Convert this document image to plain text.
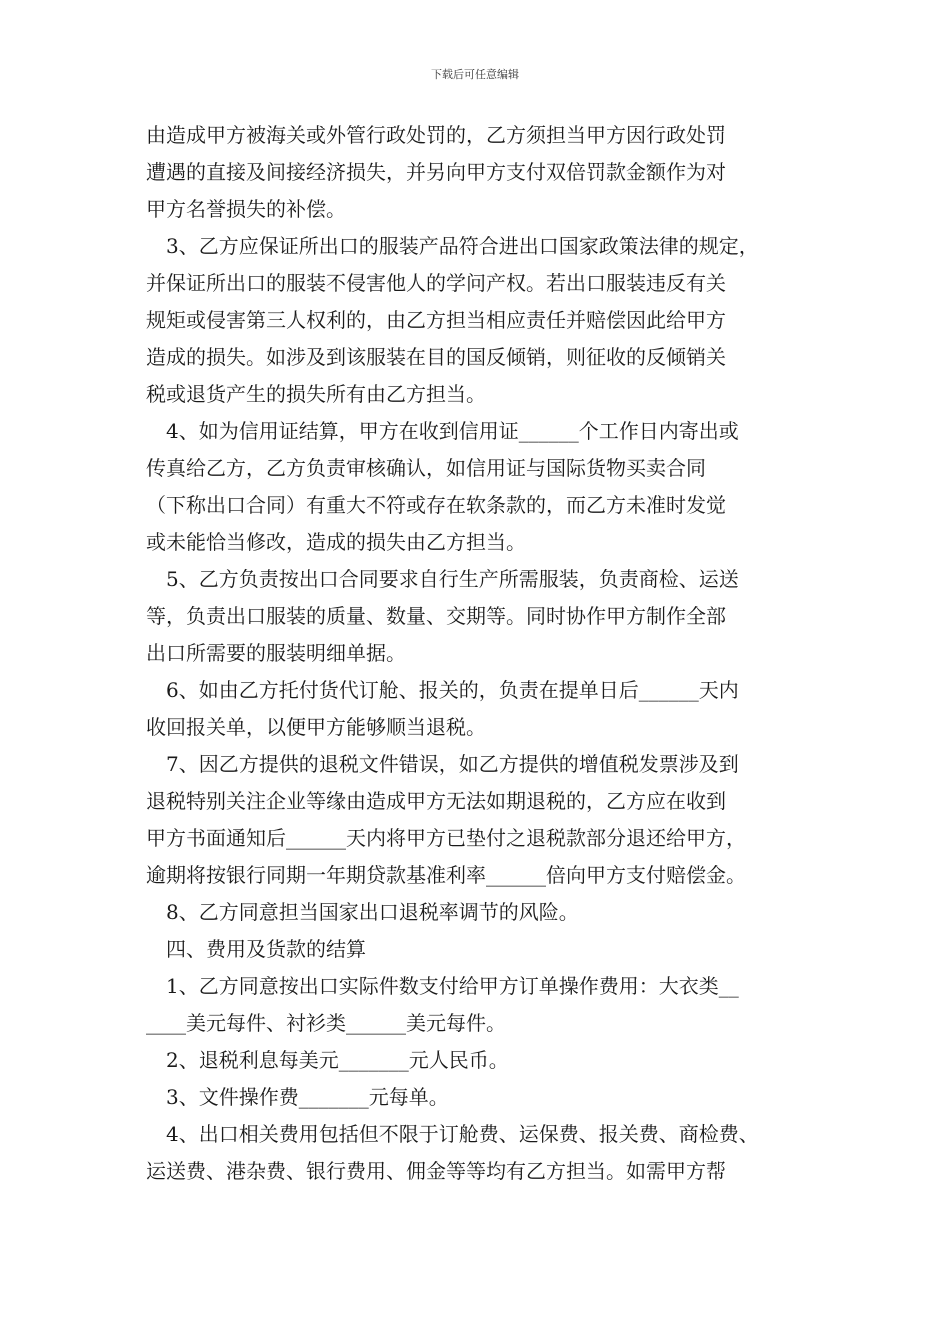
下载后可任意编辑
由造成甲方被海关或外管行政处罚的，乙方须担当甲方因行政处罚
遭遇的直接及间接经济损失，并另向甲方支付双倍罚款金额作为对
甲方名誉损失的补偿。
　3、乙方应保证所出口的服装产品符合进出口国家政策法律的规定，
并保证所出口的服装不侵害他人的学问产权。若出口服装违反有关
规矩或侵害第三人权利的，由乙方担当相应责任并赔偿因此给甲方
造成的损失。如涉及到该服装在目的国反倾销，则征收的反倾销关
税或退货产生的损失所有由乙方担当。
　4、如为信用证结算，甲方在收到信用证______个工作日内寄出或
传真给乙方，乙方负责审核确认，如信用证与国际货物买卖合同
（下称出口合同）有重大不符或存在软条款的，而乙方未准时发觉
或未能恰当修改，造成的损失由乙方担当。
　5、乙方负责按出口合同要求自行生产所需服装，负责商检、运送
等，负责出口服装的质量、数量、交期等。同时协作甲方制作全部
出口所需要的服装明细单据。
　6、如由乙方托付货代订舱、报关的，负责在提单日后______天内
收回报关单，以便甲方能够顺当退税。
　7、因乙方提供的退税文件错误，如乙方提供的增值税发票涉及到
退税特别关注企业等缘由造成甲方无法如期退税的，乙方应在收到
甲方书面通知后______天内将甲方已垫付之退税款部分退还给甲方，
逾期将按银行同期一年期贷款基准利率______倍向甲方支付赔偿金。
　8、乙方同意担当国家出口退税率调节的风险。
　四、费用及货款的结算
　1、乙方同意按出口实际件数支付给甲方订单操作费用：大衣类__
____美元每件、衬衫类______美元每件。
　2、退税利息每美元_______元人民币。
　3、文件操作费_______元每单。
　4、出口相关费用包括但不限于订舱费、运保费、报关费、商检费、
运送费、港杂费、银行费用、佣金等等均有乙方担当。如需甲方帮
